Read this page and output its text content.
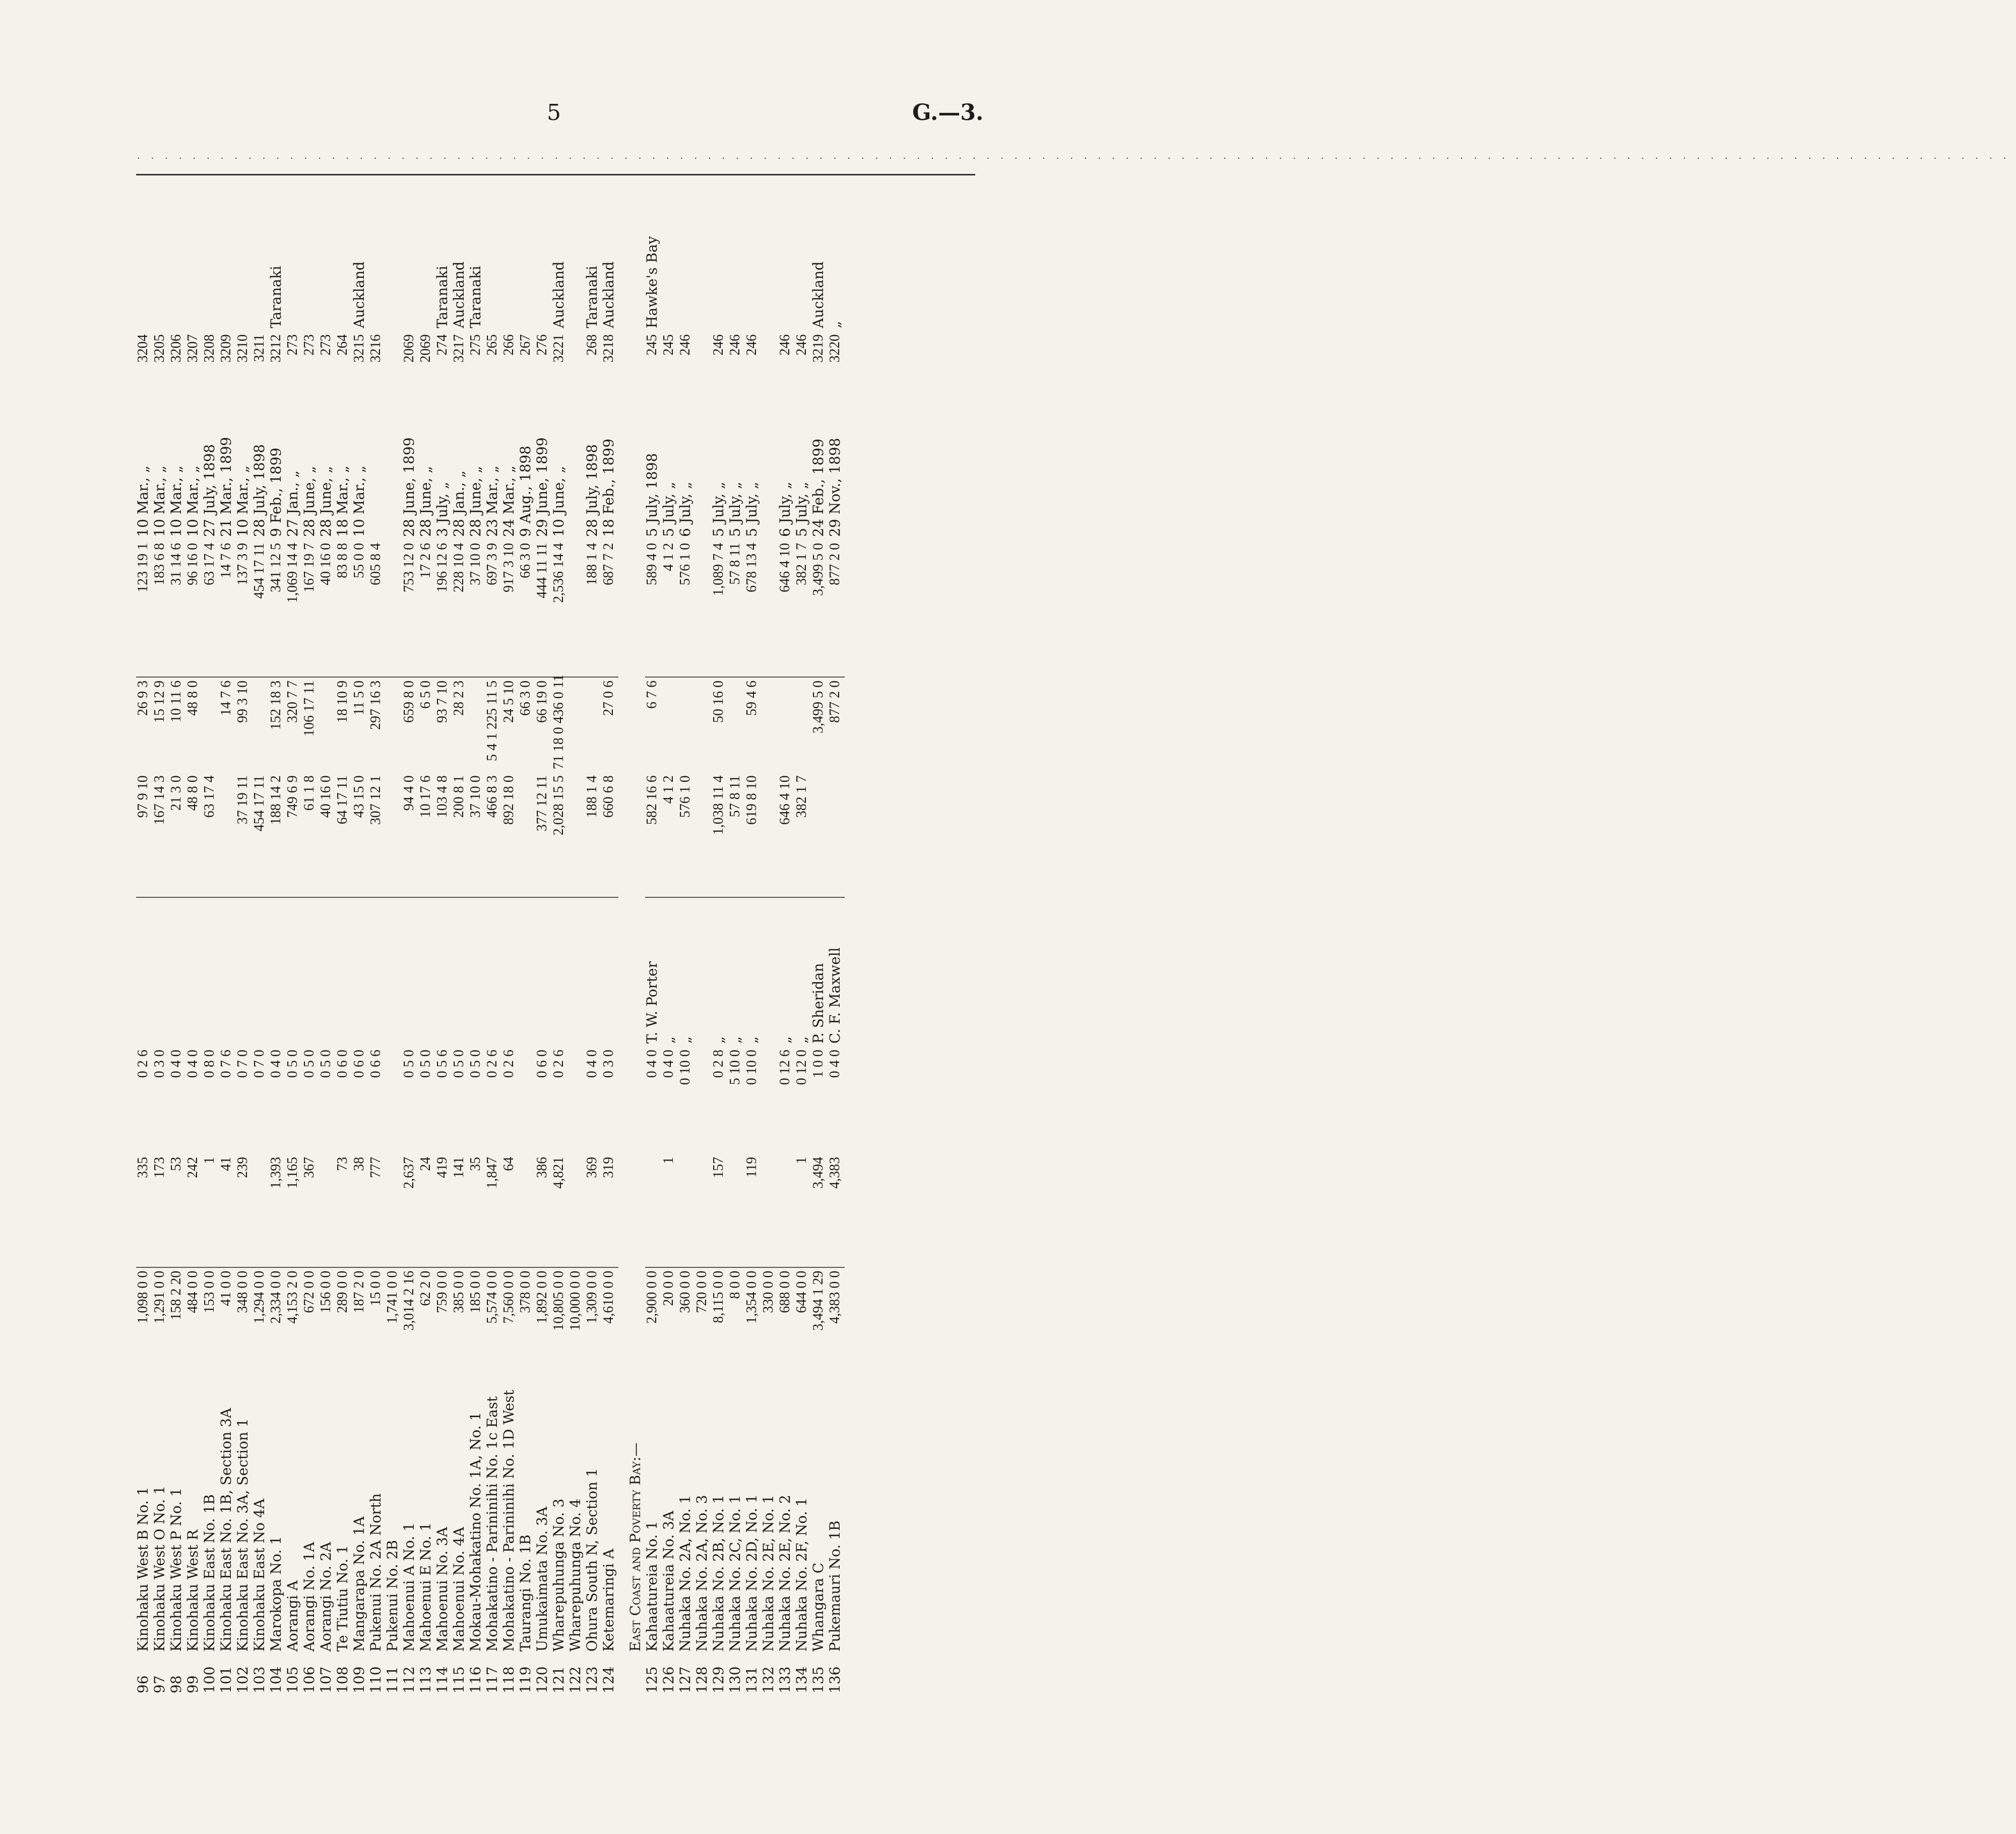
5	G.—3.
.......................................................................................................................................
96	Kinohaku West B No. 1	1,098 0 0	335	0 2 6		97 9 10	26 9 3	123 19 1	10 Mar., „	3204	
97	Kinohaku West O No. 1	1,291 0 0	173	0 3 0		167 14 3	15 12 9	183 6 8	10 Mar., „	3205	
98	Kinohaku West P No. 1	158 2 20	53	0 4 0		21 3 0	10 11 6	31 14 6	10 Mar., „	3206	
99	Kinohaku West R	484 0 0	242	0 4 0		48 8 0	48 8 0	96 16 0	10 Mar., „	3207	
100	Kinohaku East No. 1B	153 0 0	1	0 8 0		63 17 4		63 17 4	27 July, 1898	3208	
101	Kinohaku East No. 1B, Section 3A	41 0 0	41	0 7 6			14 7 6	14 7 6	21 Mar., 1899	3209	
102	Kinohaku East No. 3A, Section 1	348 0 0	239	0 7 0		37 19 11	99 3 10	137 3 9	10 Mar., „	3210	
103	Kinohaku East No 4A	1,294 0 0		0 7 0		454 17 11		454 17 11	28 July, 1898	3211	
104	Marokopa No. 1	2,334 0 0	1,393	0 4 0		188 14 2	152 18 3	341 12 5	9 Feb., 1899	3212	Taranaki
105	Aorangi A	4,153 2 0	1,165	0 5 0		749 6 9	320 7 7	1,069 14 4	27 Jan., „	273	
106	Aorangi No. 1A	672 0 0	367	0 5 0		61 1 8	106 17 11	167 19 7	28 June, „	273	
107	Aorangi No. 2A	156 0 0		0 5 0		40 16 0		40 16 0	28 June, „	273	
108	Te Tiutiu No. 1	289 0 0	73	0 6 0		64 17 11	18 10 9	83 8 8	18 Mar., „	264	
109	Mangarapa No. 1A	187 2 0	38	0 6 0		43 15 0	11 5 0	55 0 0	10 Mar., „	3215	Auckland
110	Pukenui No. 2A North	15 0 0	777	0 6 6		307 12 1	297 16 3	605 8 4		3216	
111	Pukenui No. 2B	1,741 0 0									
112	Mahoenui A No. 1	3,014 2 16	2,637	0 5 0		94 4 0	659 8 0	753 12 0	28 June, 1899	2069	
113	Mahoenui E No. 1	62 2 0	24	0 5 0		10 17 6	6 5 0	17 2 6	28 June, „	2069	
114	Mahoenui No. 3A	759 0 0	419	0 5 6		103 4 8	93 7 10	196 12 6	3 July, „	274	Taranaki
115	Mahoenui No. 4A	385 0 0	141	0 5 0		200 8 1	28 2 3	228 10 4	28 Jan., „	3217	Auckland
116	Mokau-Mohakatino No. 1A, No. 1	185 0 0	35	0 5 0		37 10 0		37 10 0	28 June, „	275	Taranaki
117	Mohakatino - Parininihi No. 1c East	5,574 0 0	1,847	0 2 6		466 8 3	5 4 1 225 11 5	697 3 9	23 Mar., „	265	
118	Mohakatino - Parininihi No. 1D West	7,560 0 0	64	0 2 6		892 18 0	24 5 10	917 3 10	24 Mar., „	266	
119	Taurangi No. 1B	378 0 0					66 3 0	66 3 0	9 Aug., 1898	267	
120	Umukaimata No. 3A	1,892 0 0	386	0 6 0		377 12 11	66 19 0	444 11 11	29 June, 1899	276	
121	Wharepuhunga No. 3	10,805 0 0	4,821	0 2 6		2,028 15 5	71 18 0 436 0 11	2,536 14 4	10 June, „	3221	Auckland
122	Wharepuhunga No. 4	10,000 0 0									
123	Ohura South N, Section 1	1,309 0 0	369	0 4 0		188 1 4		188 1 4	28 July, 1898	268	Taranaki
124	Ketemaringi A	4,610 0 0	319	0 3 0		660 6 8	27 0 6	687 7 2	18 Feb., 1899	3218	Auckland
	East Coast and Poverty Bay:—										
125	Kahaatureia No. 1	2,900 0 0		0 4 0	T. W. Porter	582 16 6	6 7 6	589 4 0	5 July, 1898	245	Hawke's Bay
126	Kahaatureia No. 3A	20 0 0	1	0 4 0	„	4 1 2		4 1 2	5 July, „	245	
127	Nuhaka No. 2A, No. 1	360 0 0		0 10 0	„	576 1 0		576 1 0	6 July, „	246	
128	Nuhaka No. 2A, No. 3	720 0 0									
129	Nuhaka No. 2B, No. 1	8,115 0 0	157	0 2 8	„	1,038 11 4	50 16 0	1,089 7 4	5 July, „	246	
130	Nuhaka No. 2C, No. 1	8 0 0		5 10 0	„	57 8 11		57 8 11	5 July, „	246	
131	Nuhaka No. 2D, No. 1	1,354 0 0	119	0 10 0	„	619 8 10	59 4 6	678 13 4	5 July, „	246	
132	Nuhaka No. 2E, No. 1	330 0 0									
133	Nuhaka No. 2E, No. 2	688 0 0		0 12 6	„	646 4 10		646 4 10	6 July, „	246	
134	Nuhaka No. 2F, No. 1	644 0 0	1	0 12 0	„	382 1 7		382 1 7	5 July, „	246	
135	Whangara C	3,494 1 29	3,494	1 0 0	P. Sheridan		3,499 5 0	3,499 5 0	24 Feb., 1899	3219	Auckland
136	Pukemauri No. 1B	4,383 0 0	4,383	0 4 0	C. F. Maxwell		877 2 0	877 2 0	29 Nov., 1898	3220	„
